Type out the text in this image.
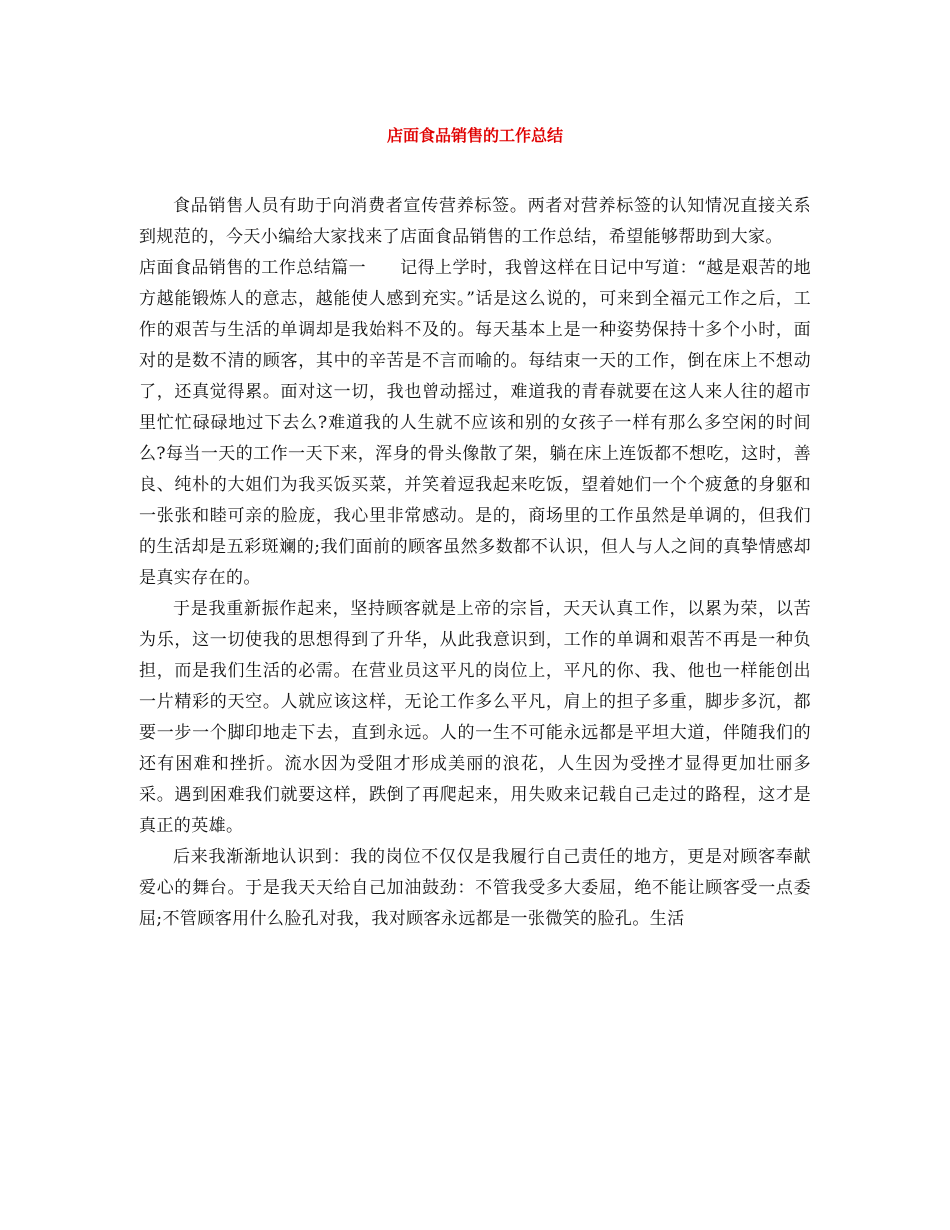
店面食品销售的工作总结

食品销售人员有助于向消费者宣传营养标签。两者对营养标签的认知情况直接关系到规范的，今天小编给大家找来了店面食品销售的工作总结，希望能够帮助到大家。

店面食品销售的工作总结篇一 记得上学时，我曾这样在日记中写道：“越是艰苦的地方越能锻炼人的意志，越能使人感到充实。”话是这么说的，可来到全福元工作之后，工作的艰苦与生活的单调却是我始料不及的。每天基本上是一种姿势保持十多个小时，面对的是数不清的顾客，其中的辛苦是不言而喻的。每结束一天的工作，倒在床上不想动了，还真觉得累。面对这一切，我也曾动摇过，难道我的青春就要在这人来人往的超市里忙忙碌碌地过下去么?难道我的人生就不应该和别的女孩子一样有那么多空闲的时间么?每当一天的工作一天下来，浑身的骨头像散了架，躺在床上连饭都不想吃，这时，善良、纯朴的大姐们为我买饭买菜，并笑着逗我起来吃饭，望着她们一个个疲惫的身躯和一张张和睦可亲的脸庞，我心里非常感动。是的，商场里的工作虽然是单调的，但我们的生活却是五彩斑斓的;我们面前的顾客虽然多数都不认识，但人与人之间的真挚情感却是真实存在的。

于是我重新振作起来，坚持顾客就是上帝的宗旨，天天认真工作，以累为荣，以苦为乐，这一切使我的思想得到了升华，从此我意识到，工作的单调和艰苦不再是一种负担，而是我们生活的必需。在营业员这平凡的岗位上，平凡的你、我、他也一样能创出一片精彩的天空。人就应该这样，无论工作多么平凡，肩上的担子多重，脚步多沉，都要一步一个脚印地走下去，直到永远。人的一生不可能永远都是平坦大道，伴随我们的还有困难和挫折。流水因为受阻才形成美丽的浪花，人生因为受挫才显得更加壮丽多采。遇到困难我们就要这样，跌倒了再爬起来，用失败来记载自己走过的路程，这才是真正的英雄。

后来我渐渐地认识到：我的岗位不仅仅是我履行自己责任的地方，更是对顾客奉献爱心的舞台。于是我天天给自己加油鼓劲：不管我受多大委屈，绝不能让顾客受一点委屈;不管顾客用什么脸孔对我，我对顾客永远都是一张微笑的脸孔。生活
